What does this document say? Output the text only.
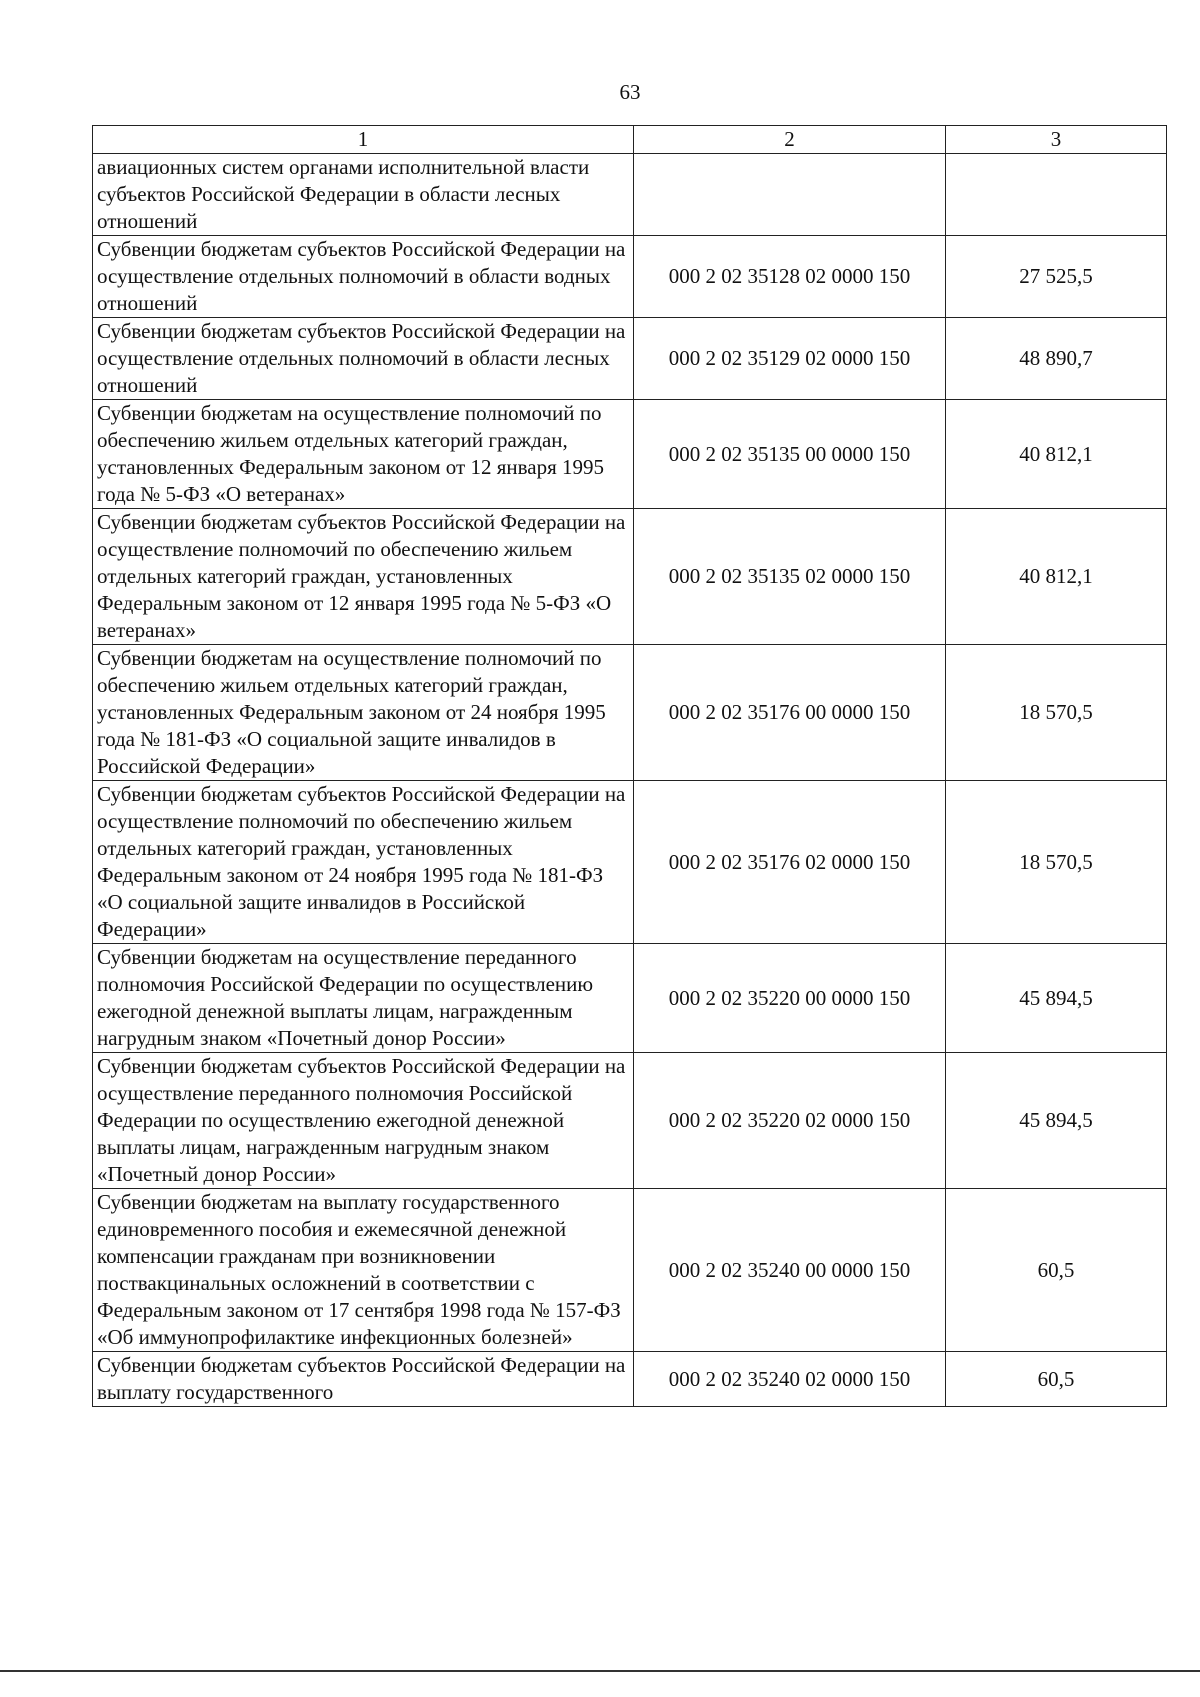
63
1	2	3
авиационных систем органами исполнительной власти субъектов Российской Федерации в области лесных отношений		
Субвенции бюджетам субъектов Российской Федерации на осуществление отдельных полномочий в области водных отношений	000 2 02 35128 02 0000 150	27 525,5
Субвенции бюджетам субъектов Российской Федерации на осуществление отдельных полномочий в области лесных отношений	000 2 02 35129 02 0000 150	48 890,7
Субвенции бюджетам на осуществление полномочий по обеспечению жильем отдельных категорий граждан, установленных Федеральным законом от 12 января 1995 года № 5-ФЗ «О ветеранах»	000 2 02 35135 00 0000 150	40 812,1
Субвенции бюджетам субъектов Российской Федерации на осуществление полномочий по обеспечению жильем отдельных категорий граждан, установленных Федеральным законом от 12 января 1995 года № 5-ФЗ «О ветеранах»	000 2 02 35135 02 0000 150	40 812,1
Субвенции бюджетам на осуществление полномочий по обеспечению жильем отдельных категорий граждан, установленных Федеральным законом от 24 ноября 1995 года № 181-ФЗ «О социальной защите инвалидов в Российской Федерации»	000 2 02 35176 00 0000 150	18 570,5
Субвенции бюджетам субъектов Российской Федерации на осуществление полномочий по обеспечению жильем отдельных категорий граждан, установленных Федеральным законом от 24 ноября 1995 года № 181-ФЗ «О социальной защите инвалидов в Российской Федерации»	000 2 02 35176 02 0000 150	18 570,5
Субвенции бюджетам на осуществление переданного полномочия Российской Федерации по осуществлению ежегодной денежной выплаты лицам, награжденным нагрудным знаком «Почетный донор России»	000 2 02 35220 00 0000 150	45 894,5
Субвенции бюджетам субъектов Российской Федерации на осуществление переданного полномочия Российской Федерации по осуществлению ежегодной денежной выплаты лицам, награжденным нагрудным знаком «Почетный донор России»	000 2 02 35220 02 0000 150	45 894,5
Субвенции бюджетам на выплату государственного единовременного пособия и ежемесячной денежной компенсации гражданам при возникновении поствакцинальных осложнений в соответствии с Федеральным законом от 17 сентября 1998 года № 157-ФЗ «Об иммунопрофилактике инфекционных болезней»	000 2 02 35240 00 0000 150	60,5
Субвенции бюджетам субъектов Российской Федерации на выплату государственного	000 2 02 35240 02 0000 150	60,5
